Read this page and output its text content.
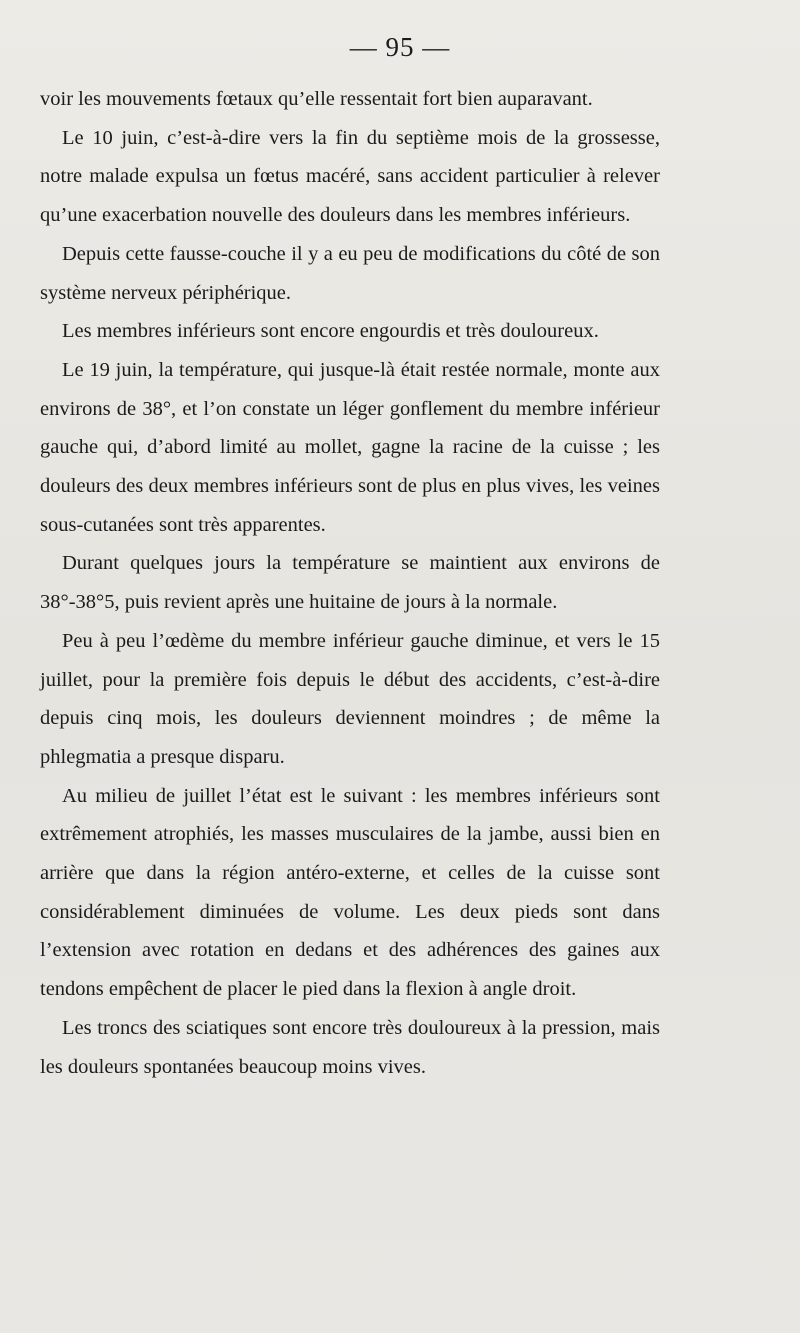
— 95 —

voir les mouvements fœtaux qu’elle ressentait fort bien auparavant.

Le 10 juin, c’est-à-dire vers la fin du septième mois de la grossesse, notre malade expulsa un fœtus macéré, sans accident particulier à relever qu’une exacerbation nouvelle des douleurs dans les membres inférieurs.

Depuis cette fausse-couche il y a eu peu de modifications du côté de son système nerveux périphérique.

Les membres inférieurs sont encore engourdis et très douloureux.

Le 19 juin, la température, qui jusque-là était restée normale, monte aux environs de 38°, et l’on constate un léger gonflement du membre inférieur gauche qui, d’abord limité au mollet, gagne la racine de la cuisse ; les douleurs des deux membres inférieurs sont de plus en plus vives, les veines sous-cutanées sont très apparentes.

Durant quelques jours la température se maintient aux environs de 38°-38°5, puis revient après une huitaine de jours à la normale.

Peu à peu l’œdème du membre inférieur gauche diminue, et vers le 15 juillet, pour la première fois depuis le début des accidents, c’est-à-dire depuis cinq mois, les douleurs deviennent moindres ; de même la phlegmatia a presque disparu.

Au milieu de juillet l’état est le suivant : les membres inférieurs sont extrêmement atrophiés, les masses musculaires de la jambe, aussi bien en arrière que dans la région antéro-externe, et celles de la cuisse sont considérablement diminuées de volume. Les deux pieds sont dans l’extension avec rotation en dedans et des adhérences des gaines aux tendons empêchent de placer le pied dans la flexion à angle droit.

Les troncs des sciatiques sont encore très douloureux à la pression, mais les douleurs spontanées beaucoup moins vives.
